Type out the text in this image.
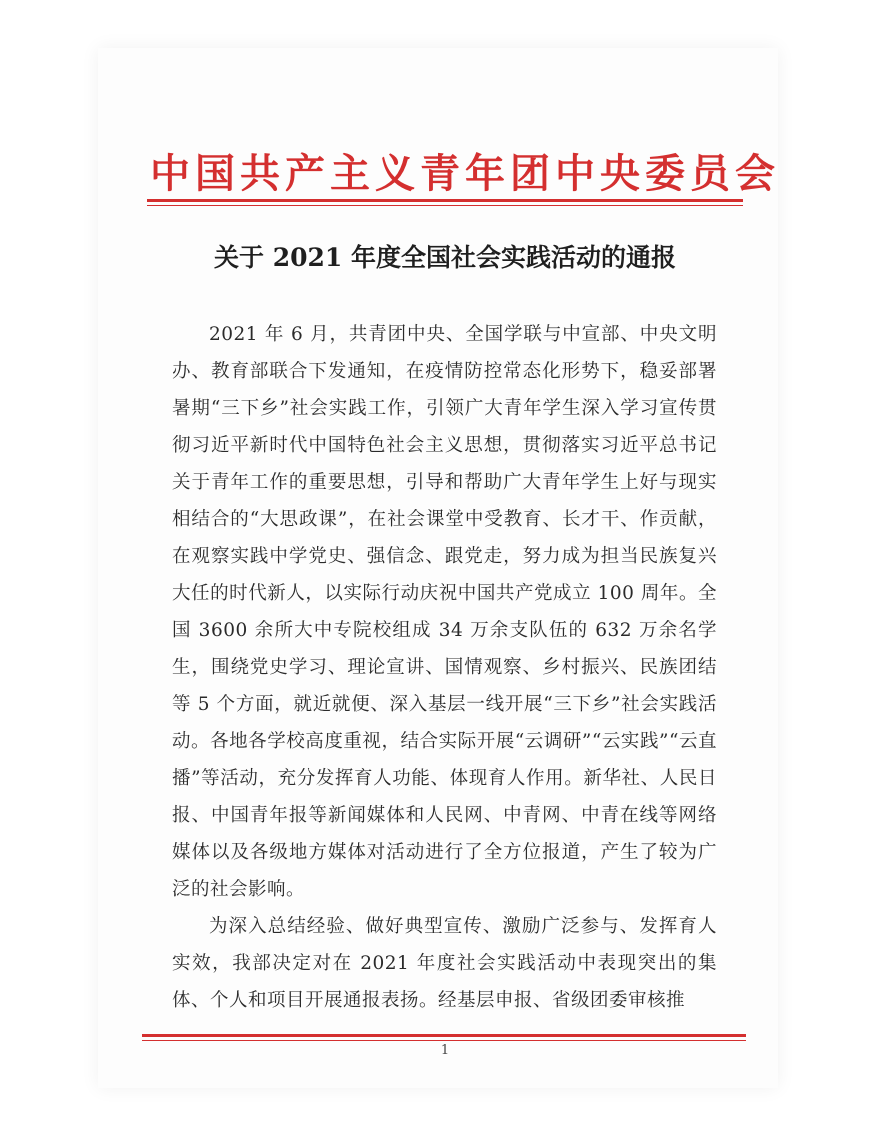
中国共产主义青年团中央委员会
关于 2021 年度全国社会实践活动的通报

2021 年 6 月，共青团中央、全国学联与中宣部、中央文明办、教育部联合下发通知，在疫情防控常态化形势下，稳妥部署暑期“三下乡”社会实践工作，引领广大青年学生深入学习宣传贯彻习近平新时代中国特色社会主义思想，贯彻落实习近平总书记关于青年工作的重要思想，引导和帮助广大青年学生上好与现实相结合的“大思政课”，在社会课堂中受教育、长才干、作贡献，在观察实践中学党史、强信念、跟党走，努力成为担当民族复兴大任的时代新人，以实际行动庆祝中国共产党成立 100 周年。全国 3600 余所大中专院校组成 34 万余支队伍的 632 万余名学生，围绕党史学习、理论宣讲、国情观察、乡村振兴、民族团结等 5 个方面，就近就便、深入基层一线开展“三下乡”社会实践活动。各地各学校高度重视，结合实际开展“云调研”“云实践”“云直播”等活动，充分发挥育人功能、体现育人作用。新华社、人民日报、中国青年报等新闻媒体和人民网、中青网、中青在线等网络媒体以及各级地方媒体对活动进行了全方位报道，产生了较为广泛的社会影响。

为深入总结经验、做好典型宣传、激励广泛参与、发挥育人实效，我部决定对在 2021 年度社会实践活动中表现突出的集体、个人和项目开展通报表扬。经基层申报、省级团委审核推

1
